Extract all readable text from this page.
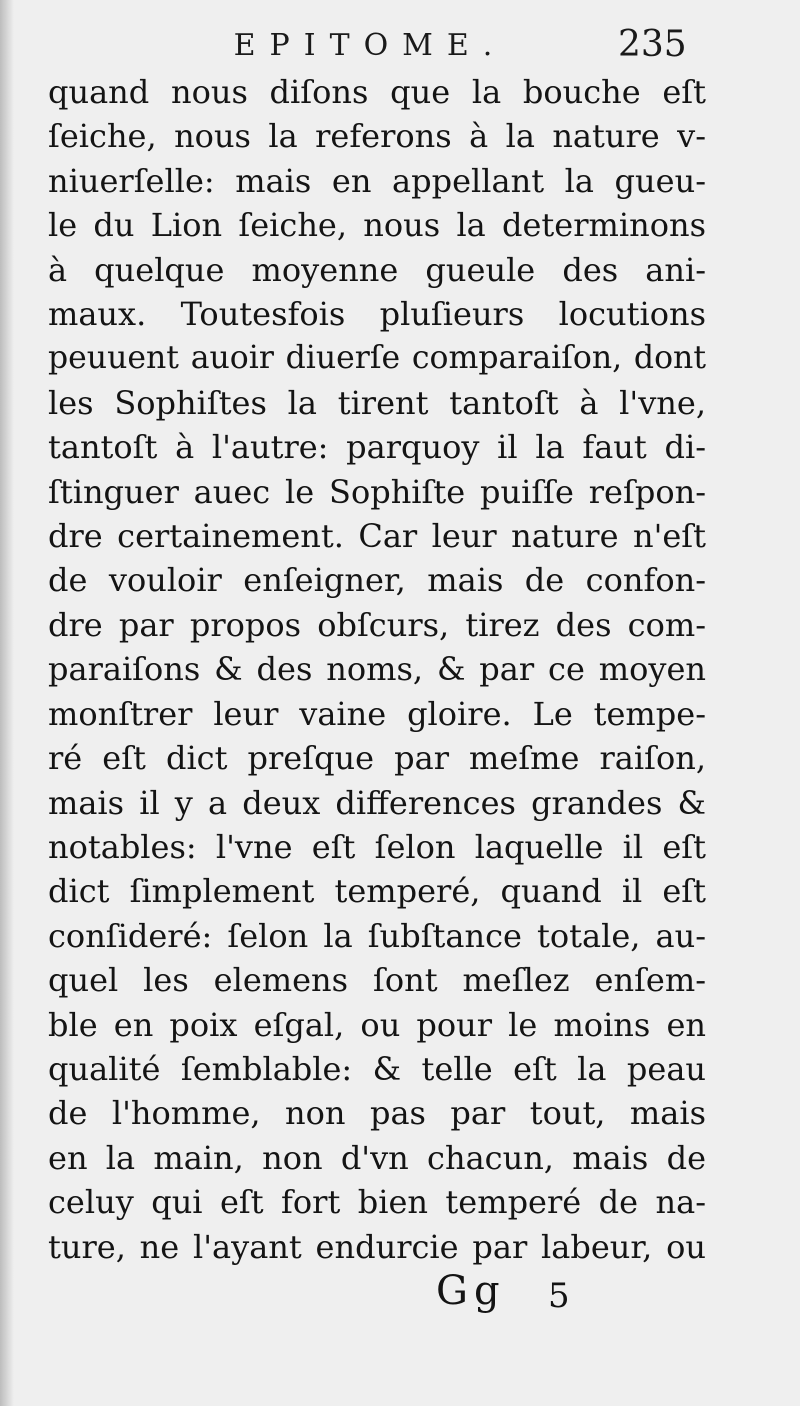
EPITOME.	235
quand nous diſons que la bouche eſt
ſeiche, nous la referons à la nature v-
niuerſelle: mais en appellant la gueu-
le du Lion ſeiche, nous la determinons
à quelque moyenne gueule des ani-
maux. Toutesfois pluſieurs locutions
peuuent auoir diuerſe comparaiſon, dont
les Sophiſtes la tirent tantoſt à l'vne,
tantoſt à l'autre: parquoy il la faut di-
ſtinguer auec le Sophiſte puiſſe reſpon-
dre certainement. Car leur nature n'eſt
de vouloir enſeigner, mais de confon-
dre par propos obſcurs, tirez des com-
paraiſons & des noms, & par ce moyen
monſtrer leur vaine gloire. Le tempe-
ré eſt dict preſque par meſme raiſon,
mais il y a deux differences grandes &
notables: l'vne eſt ſelon laquelle il eſt
dict ſimplement temperé, quand il eſt
conſideré: ſelon la ſubſtance totale, au-
quel les elemens ſont meſlez enſem-
ble en poix eſgal, ou pour le moins en
qualité ſemblable: & telle eſt la peau
de l'homme, non pas par tout, mais
en la main, non d'vn chacun, mais de
celuy qui eſt fort bien temperé de na-
ture, ne l'ayant endurcie par labeur, ou
Gg 5
